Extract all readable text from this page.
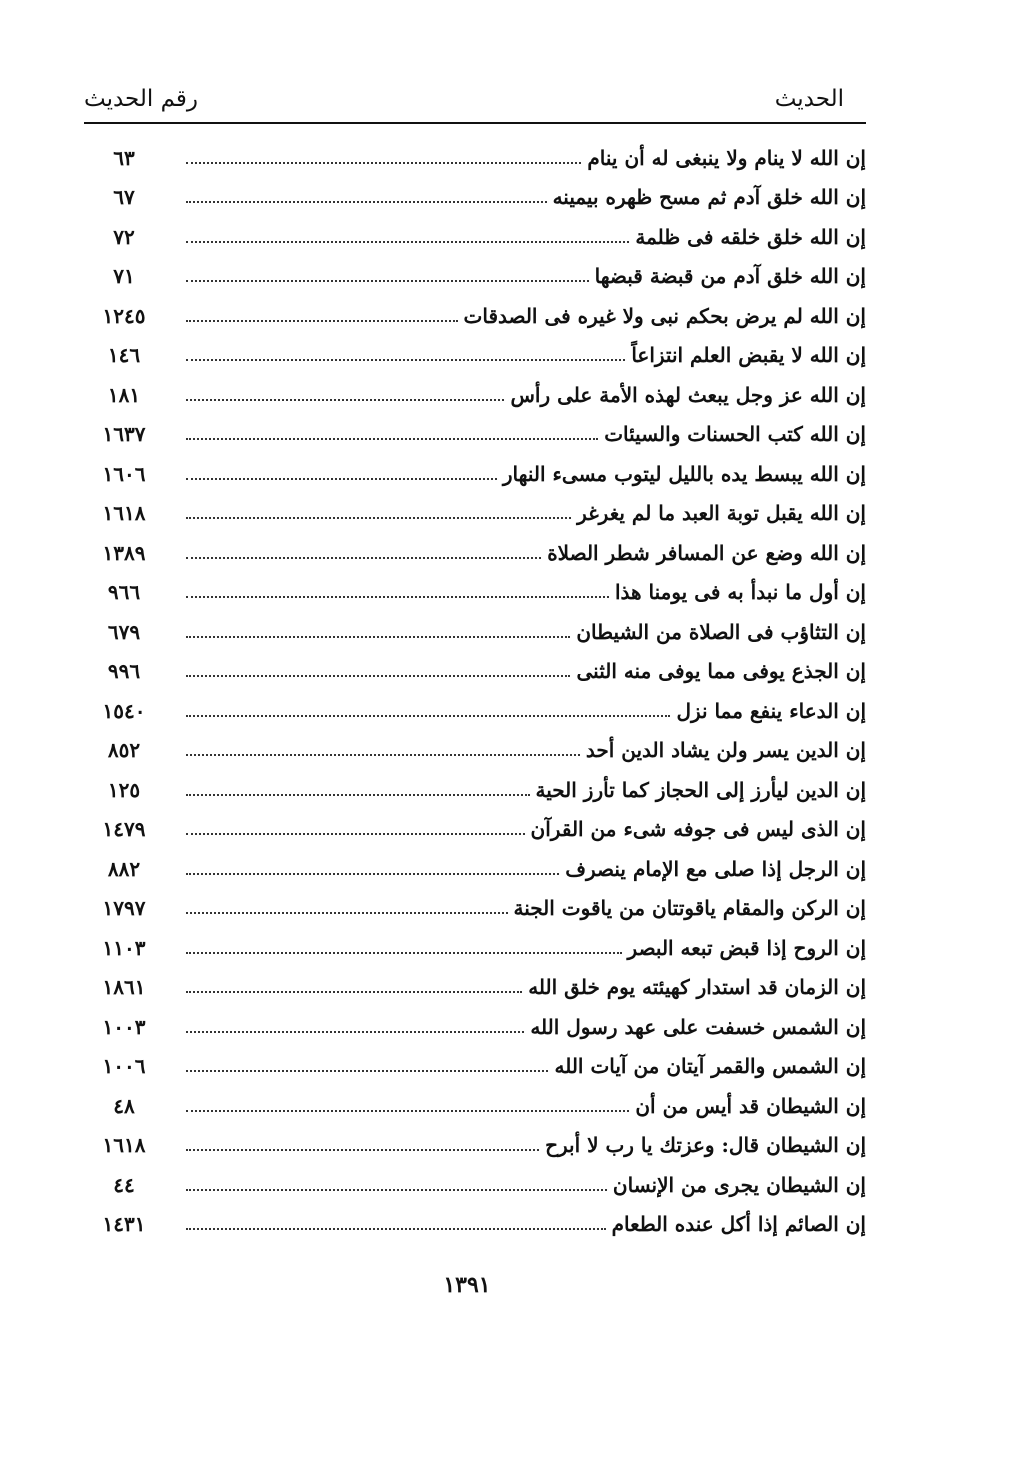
الحديث
رقم الحديث
إن الله لا ينام ولا ينبغى له أن ينام
٦٣
إن الله خلق آدم ثم مسح ظهره بيمينه
٦٧
إن الله خلق خلقه فى ظلمة
٧٢
إن الله خلق آدم من قبضة قبضها
٧١
إن الله لم يرض بحكم نبى ولا غيره فى الصدقات
١٢٤٥
إن الله لا يقبض العلم انتزاعاً
١٤٦
إن الله عز وجل يبعث لهذه الأمة على رأس
١٨١
إن الله كتب الحسنات والسيئات
١٦٣٧
إن الله يبسط يده بالليل ليتوب مسىء النهار
١٦٠٦
إن الله يقبل توبة العبد ما لم يغرغر
١٦١٨
إن الله وضع عن المسافر شطر الصلاة
١٣٨٩
إن أول ما نبدأ به فى يومنا هذا
٩٦٦
إن التثاؤب فى الصلاة من الشيطان
٦٧٩
إن الجذع يوفى مما يوفى منه الثنى
٩٩٦
إن الدعاء ينفع مما نزل
١٥٤٠
إن الدين يسر ولن يشاد الدين أحد
٨٥٢
إن الدين ليأرز إلى الحجاز كما تأرز الحية
١٢٥
إن الذى ليس فى جوفه شىء من القرآن
١٤٧٩
إن الرجل إذا صلى مع الإمام ينصرف
٨٨٢
إن الركن والمقام ياقوتتان من ياقوت الجنة
١٧٩٧
إن الروح إذا قبض تبعه البصر
١١٠٣
إن الزمان قد استدار كهيئته يوم خلق الله
١٨٦١
إن الشمس خسفت على عهد رسول الله
١٠٠٣
إن الشمس والقمر آيتان من آيات الله
١٠٠٦
إن الشيطان قد أيس من أن
٤٨
إن الشيطان قال: وعزتك يا رب لا أبرح
١٦١٨
إن الشيطان يجرى من الإنسان
٤٤
إن الصائم إذا أكل عنده الطعام
١٤٣١
١٣٩١
